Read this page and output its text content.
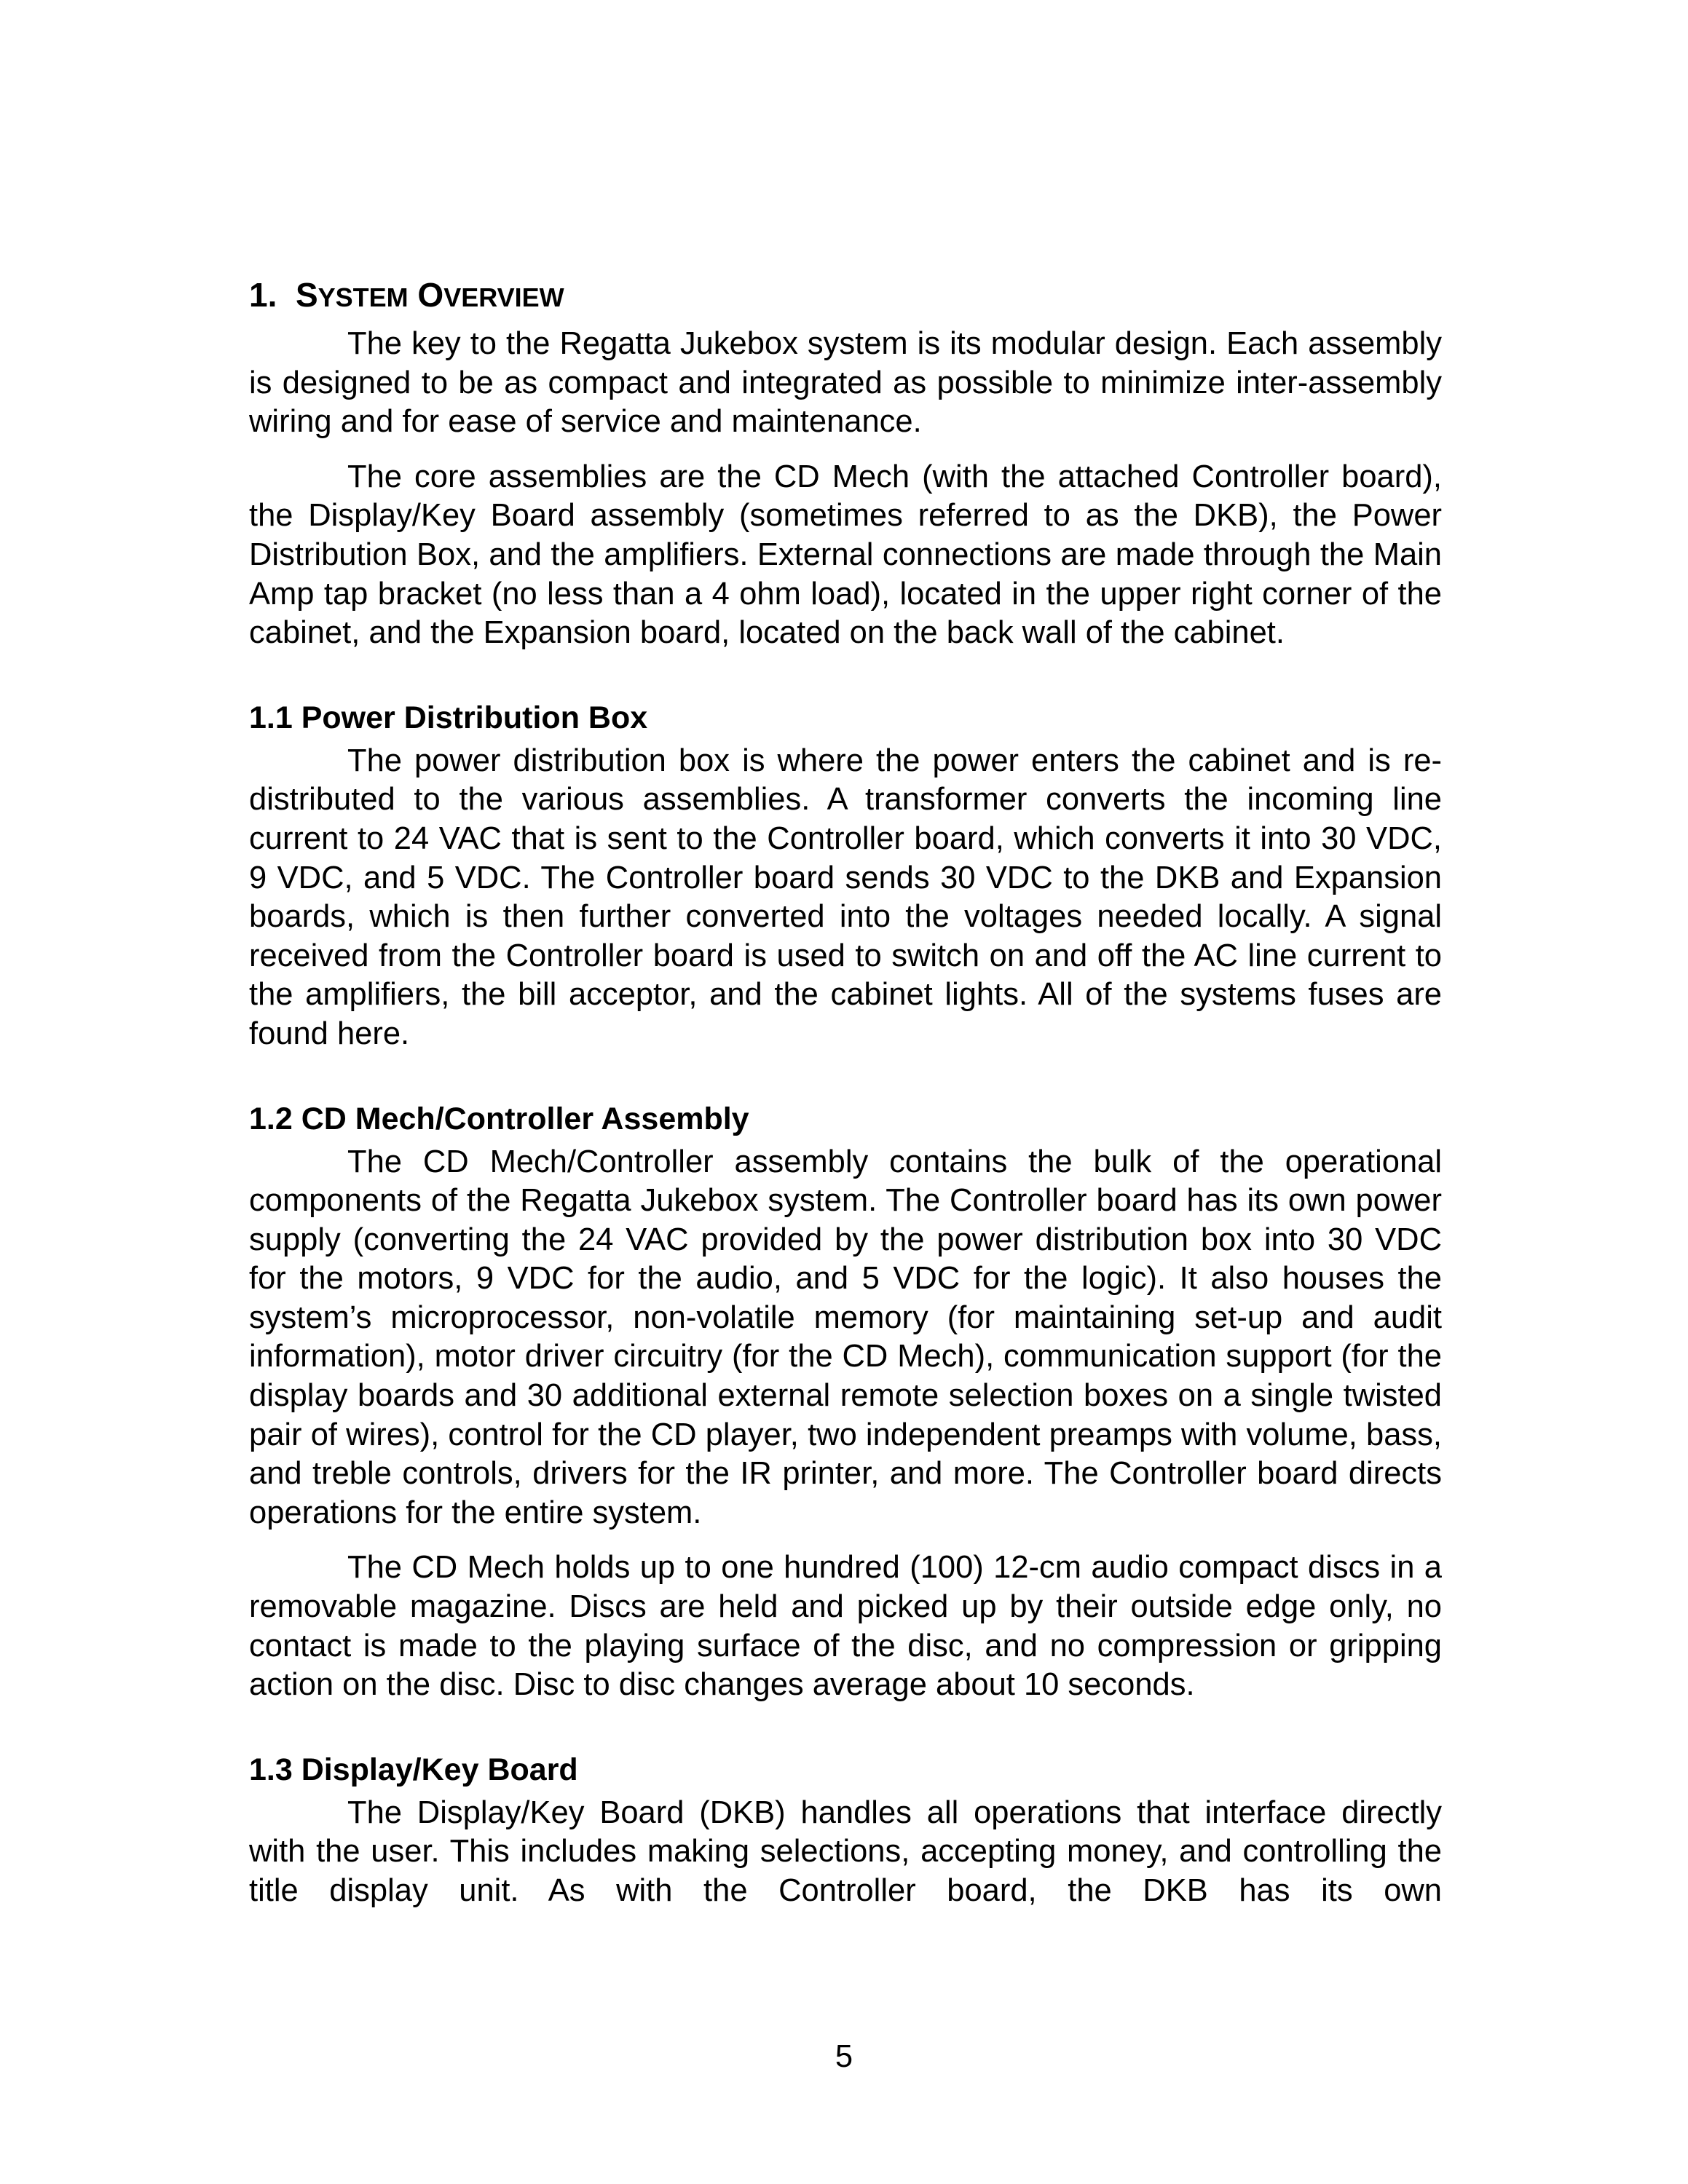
1. SYSTEM OVERVIEW

The key to the Regatta Jukebox system is its modular design. Each assembly is designed to be as compact and integrated as possible to minimize inter-assembly wiring and for ease of service and maintenance.

The core assemblies are the CD Mech (with the attached Controller board), the Display/Key Board assembly (sometimes referred to as the DKB), the Power Distribution Box, and the amplifiers. External connections are made through the Main Amp tap bracket (no less than a 4 ohm load), located in the upper right corner of the cabinet, and the Expansion board, located on the back wall of the cabinet.

1.1 Power Distribution Box

The power distribution box is where the power enters the cabinet and is re-distributed to the various assemblies. A transformer converts the incoming line current to 24 VAC that is sent to the Controller board, which converts it into 30 VDC, 9 VDC, and 5 VDC. The Controller board sends 30 VDC to the DKB and Expansion boards, which is then further converted into the voltages needed locally. A signal received from the Controller board is used to switch on and off the AC line current to the amplifiers, the bill acceptor, and the cabinet lights. All of the systems fuses are found here.

1.2 CD Mech/Controller Assembly

The CD Mech/Controller assembly contains the bulk of the operational components of the Regatta Jukebox system. The Controller board has its own power supply (converting the 24 VAC provided by the power distribution box into 30 VDC for the motors, 9 VDC for the audio, and 5 VDC for the logic). It also houses the system’s microprocessor, non-volatile memory (for maintaining set-up and audit information), motor driver circuitry (for the CD Mech), communication support (for the display boards and 30 additional external remote selection boxes on a single twisted pair of wires), control for the CD player, two independent preamps with volume, bass, and treble controls, drivers for the IR printer, and more. The Controller board directs operations for the entire system.

The CD Mech holds up to one hundred (100) 12-cm audio compact discs in a removable magazine. Discs are held and picked up by their outside edge only, no contact is made to the playing surface of the disc, and no compression or gripping action on the disc. Disc to disc changes average about 10 seconds.

1.3 Display/Key Board

The Display/Key Board (DKB) handles all operations that interface directly with the user. This includes making selections, accepting money, and controlling the title display unit. As with the Controller board, the DKB has its own

5
